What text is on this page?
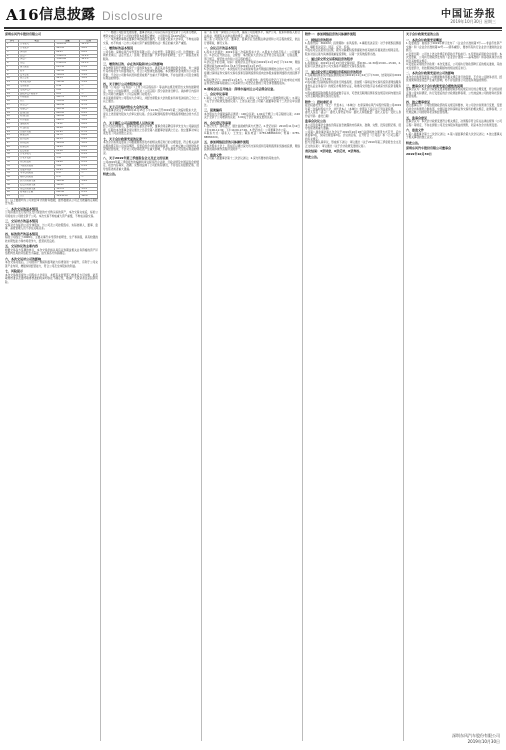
A16 信息披露 Disclosure	中国证券报
2019年10月30日 星期三

深圳东风汽车股份有限公司

序号	项目	金额	比例
1	营业收入	1,256.32	12.5%
2	营业成本	965.10	9.6%
3	净利润	88.45	8.8%
4	总资产	3,540.78	35.2%
5	净资产	1,420.66	14.1%
6	负债	2,120.12	21.1%
7	现金流量	215.30	2.1%
8	股本	502.00	5.0%
9	资本公积	310.22	3.1%
10	盈余公积	96.54	1.0%
11	未分配利润	512.90	5.1%
12	每股收益	0.18	—
13	每股净资产	2.83	—
14	加权净资产收益率	6.23	—
15	应收账款	412.70	4.1%
16	存货	356.18	3.5%
17	固定资产	980.44	9.7%
18	无形资产	120.36	1.2%
19	长期借款	640.00	6.4%
20	短期借款	380.00	3.8%
21	应付账款	298.57	3.0%
22	预收款项	76.12	0.8%
23	应交税费	44.08	0.4%
24	其他应付款	65.93	0.7%
25	研发费用	58.71	0.6%
26	销售费用	92.35	0.9%
27	管理费用	104.82	1.0%
28	财务费用	36.49	0.4%
29	投资收益	22.16	0.2%
30	营业外收入	8.07	0.1%
31	营业外支出	3.15	0.0%
32	所得税费用	29.48	0.3%
33	少数股东损益	5.62	0.1%
34	归母净利润	82.83	0.8%
35	基本每股收益	0.17	—
36	稀释每股收益	0.17	—
37	经营活动现金流	186.40	1.9%
38	投资活动现金流	-96.25	—
39	筹资活动现金流	125.15	1.2%
40	期末现金余额	612.88	6.1%
41	合计	10,058.36	100%

注：以上数据均为公司未经审计的财务数据，最终数据以公司正式披露的定期报告为准。

二、本次交易的基本情况

公司拟通过发行股份及支付现金的方式购买标的资产，本次交易完成后，标的公司将成为公司的全资子公司。本次交易不构成重大资产重组，不构成关联交易。

三、交易对方的基本情况

交易对方为标的公司全体股东，与公司及公司控股股东、实际控制人、董事、监事、高级管理人员不存在关联关系。

四、标的资产的基本情况

标的公司成立于2008年，主要从事汽车零部件的研发、生产和销售，具有较强的技术研发能力和市场竞争力，经营状况良好。

五、交易协议的主要内容

根据交易各方签署的协议，本次交易价格以具有证券期货相关业务资格的资产评估机构出具的评估报告为基础，由交易各方协商确定。

六、本次交易对公司的影响

本次交易完成后，公司的资产规模和盈利能力将得到进一步提升，有利于公司完善产业布局，增强持续经营能力，符合公司及全体股东的利益。

七、风险提示

本次交易尚需提交公司股东大会审议，并经有关监管部门核准后方可实施，能否取得核准以及最终取得核准的时间均存在不确定性，敬请广大投资者注意投资风险。

（一）根据公司经营发展需要，董事会同意公司以自有资金对全资子公司进行增资，增资完成后全资子公司的注册资本将相应增加，公司仍持有其100%股权。

（二）本次增资事项在董事会审批权限范围内，无需提交股东大会审议，不构成关联交易，亦不构成《上市公司重大资产重组管理办法》规定的重大资产重组。

二、增资标的基本情况

公司名称：深圳东风汽车零部件有限公司；企业类型：有限责任公司；注册地址：深圳市龙岗区；法定代表人：张明；经营范围：汽车零部件的研发、生产、销售及技术服务。

三、增资的目的、存在的风险和对公司的影响

本次增资有利于增强全资子公司的资本实力，满足其业务发展的资金需求，进一步提升其市场竞争力和盈利能力，符合公司整体发展战略。本次增资资金来源为公司自有资金，不会对公司财务状况和经营成果产生重大不利影响，不存在损害公司及全体股东利益的情形。

四、关于修订公司章程的议案

根据《公司法》《证券法》《上市公司章程指引》等法律法规及规范性文件的最新规定，结合公司实际情况，公司拟对《公司章程》部分条款进行修订。具体修订内容详见公司同日披露的《公司章程修订对照表》。

本议案尚需提交公司股东大会审议，并经出席股东大会的股东所持表决权的三分之二以上通过。

五、关于召开临时股东大会的议案

公司董事会决定于2019年11月15日下午14:30召开2019年第二次临时股东大会，审议上述需提交股东大会审议的议案。会议采取现场投票与网络投票相结合的方式召开。

六、关于聘任公司高级管理人员的议案

经公司总经理提名，董事会提名委员会审核，董事会同意聘任李华先生为公司副总经理，任期自本次董事会审议通过之日起至第八届董事会届满之日止。独立董事对本议案发表了同意的独立意见。

七、关于会计政策变更的议案

本次会计政策变更是公司根据财政部发布的相关规定进行的合理变更，符合相关法律法规的规定和公司实际情况，变更后的会计政策能够客观、公允地反映公司的财务状况和经营成果，不会对公司财务报表产生重大影响，不存在损害公司及股东利益的情况。

八、关于2019年第三季度报告全文及正文的议案

公司2019年第三季度报告的编制和审议程序符合法律、行政法规及中国证监会的规定，报告内容真实、准确、完整地反映了公司的实际情况，不存在任何虚假记载、误导性陈述或者重大遗漏。

特此公告。

第一条 为进一步规范公司运作，提高公司治理水平，保护公司、股东和债权人的合法权益，根据有关法律法规的规定，制定本办法。

第二条 公司股东大会、董事会、监事会应当按照法律法规和公司章程的规定，依法行使职权，履行义务。

一、会议召开的基本情况

1.股东大会届次：2019年第二次临时股东大会。2.股东大会的召集人：公司董事会。3.会议召开的合法、合规性：本次股东大会会议召开符合有关法律、行政法规、部门规章、规范性文件和公司章程的规定。

4.会议召开的日期、时间：现场会议召开时间为2019年11月15日下午14:30；网络投票时间为2019年11月14日至2019年11月15日。

5.会议的召开方式：本次股东大会采用现场表决与网络投票相结合的方式召开。公司将通过深圳证券交易所交易系统和互联网投票系统向全体股东提供网络形式的投票平台。

6.股权登记日：2019年11月8日。7.出席对象：截至股权登记日下午收市时在中国证券登记结算有限责任公司深圳分公司登记在册的公司全体普通股股东。

8.现场会议召开地点：深圳市福田区公司总部会议室。

二、会议审议事项

1.审议《关于修订公司章程的议案》；2.审议《关于全资子公司增资的议案》；3.审议《关于会计政策变更的议案》。上述议案已经公司第八届董事会第十二次会议审议通过。

三、提案编码

本次股东大会提案编码示例表：100总议案；1.00关于修订公司章程的议案；2.00关于全资子公司增资的议案；3.00关于会计政策变更的议案。

四、会议登记等事项

1.登记方式：现场登记、通过信函或传真方式登记。2.登记时间：2019年11月12日上午9:00-11:30，下午14:00-17:00。3.登记地点：公司董事会办公室。

4.联系方式：联系人：王先生；联系电话：0755-8888XXXX；传真：0755-8888XXXX。

五、参加网络投票的具体操作流程

在本次股东大会上，股东可以通过深交所交易系统和互联网投票系统参加投票，网络投票的具体操作流程详见附件一。

六、备查文件

1.公司第八届董事会第十二次会议决议；2.深交所要求的其他文件。

附件一：参加网络投票的具体操作流程

一、网络投票的程序

1.投票代码：360XXX；投票简称：东风投票。2.填报表决意见：对于非累积投票提案，填报表决意见：同意、反对、弃权。

3.股东对总议案进行投票，视为对除累积投票提案外的其他所有提案表达相同意见。股东对总议案与具体提案重复投票时，以第一次有效投票为准。

二、通过深交所交易系统投票的程序

1.投票时间：2019年11月15日的交易时间，即9:30—11:30和13:00—15:00。2.股东可以登录证券公司交易客户端通过交易系统投票。

三、通过深交所互联网投票系统投票的程序

1.互联网投票系统开始投票的时间为2019年11月14日下午3:00，结束时间为2019年11月15日下午3:00。

2.股东通过互联网投票系统进行网络投票，需按照《深圳证券交易所投资者网络服务身份认证业务指引》的规定办理身份认证，取得深交所数字证书或深交所投资者服务密码。

3.股东根据获取的服务密码或数字证书，可登录互联网投票系统在规定时间内通过深交所互联网投票系统进行投票。

附件二：授权委托书

兹全权委托先生（女士）代表本人（本单位）出席深圳东风汽车股份有限公司2019年第二次临时股东大会，并代表本人（本单位）依照以下指示对下列议案投票。

委托人签名（盖章）：委托人身份证号码：委托人持股数量：受托人签名：受托人身份证号码：委托日期：

监事会决议公告

本公司及监事会全体成员保证信息披露的内容真实、准确、完整，没有虚假记载、误导性陈述或重大遗漏。

公司第八届监事会第九次会议于2019年10月28日以现场结合通讯方式召开，应出席监事3名，实际出席监事3名。会议的召集、召开符合《公司法》和《公司章程》的有关规定。

经与会监事认真审议，形成如下决议：审议通过《关于2019年第三季度报告全文及正文的议案》；审议通过《关于会计政策变更的议案》。

表决结果：3票同意，0票反对，0票弃权。

特此公告。

关于会计政策变更的公告

一、本次会计政策变更概述

1.变更原因：财政部于2019年修订发布了《企业会计准则第7号——非货币性资产交换》和《企业会计准则第12号——债务重组》，要求所有执行企业会计准则的企业施行。

2.变更日期：公司自上述文件规定的起始日开始执行。3.变更前采用的会计政策：本次变更前，公司执行财政部发布的《企业会计准则——基本准则》和各项具体会计准则及其他相关规定。

4.变更后采用的会计政策：本次变更后，公司将执行财政部修订后的相关准则，其他未变更部分，仍按照财政部前期颁布的相关规定执行。

二、本次会计政策变更对公司的影响

本次会计政策变更是公司根据财政部相关规定进行的变更，不会对公司财务状况、经营成果和现金流量产生重大影响，亦不存在损害公司及股东利益的情形。

三、董事会关于会计政策变更合理性的说明

董事会认为：本次会计政策变更是根据财政部相关规定进行的合理变更，符合相关规定和公司实际情况，执行变更后的会计政策能够客观、公允地反映公司的财务状况和经营成果。

四、独立董事意见

独立董事认为：公司依照财政部的有关规定和要求，对公司会计政策进行变更，变更后的会计政策符合财政部、中国证监会和深圳证券交易所的相关规定，能够客观、公允地反映公司的财务状况和经营成果。

五、监事会意见

监事会认为：本次会计政策变更符合相关规定，决策程序符合有关法律法规和《公司章程》等规定，不存在损害公司及全体股东利益的情形，同意本次会计政策变更。

六、备查文件

1.第八届董事会第十二次会议决议；2.第八届监事会第九次会议决议；3.独立董事关于相关事项的独立意见。

特此公告。

深圳东风汽车股份有限公司董事会

2019年10月30日

深圳东风汽车股份有限公司
2019年10月30日
